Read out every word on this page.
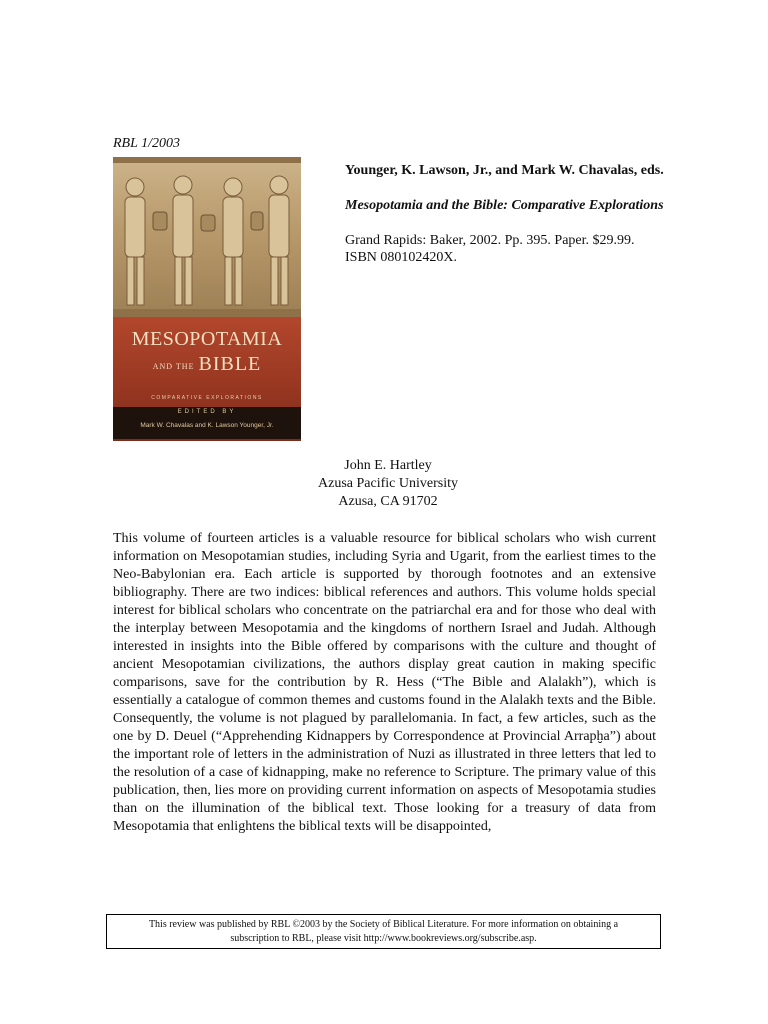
RBL 1/2003
MESOPOTAMIA
AND THE BIBLE
COMPARATIVE EXPLORATIONS
EDITED BY
Mark W. Chavalas and K. Lawson Younger, Jr.
Younger, K. Lawson, Jr., and Mark W. Chavalas, eds.
Mesopotamia and the Bible: Comparative Explorations
Grand Rapids: Baker, 2002. Pp. 395. Paper. $29.99.
ISBN 080102420X.
John E. Hartley
Azusa Pacific University
Azusa, CA 91702

This volume of fourteen articles is a valuable resource for biblical scholars who wish current information on Mesopotamian studies, including Syria and Ugarit, from the earliest times to the Neo-Babylonian era. Each article is supported by thorough footnotes and an extensive bibliography. There are two indices: biblical references and authors. This volume holds special interest for biblical scholars who concentrate on the patriarchal era and for those who deal with the interplay between Mesopotamia and the kingdoms of northern Israel and Judah. Although interested in insights into the Bible offered by comparisons with the culture and thought of ancient Mesopotamian civilizations, the authors display great caution in making specific comparisons, save for the contribution by R. Hess (“The Bible and Alalakh”), which is essentially a catalogue of common themes and customs found in the Alalakh texts and the Bible. Consequently, the volume is not plagued by parallelomania. In fact, a few articles, such as the one by D. Deuel (“Apprehending Kidnappers by Correspondence at Provincial Arrapḫa”) about the important role of letters in the administration of Nuzi as illustrated in three letters that led to the resolution of a case of kidnapping, make no reference to Scripture. The primary value of this publication, then, lies more on providing current information on aspects of Mesopotamia studies than on the illumination of the biblical text. Those looking for a treasury of data from Mesopotamia that enlightens the biblical texts will be disappointed,

This review was published by RBL ©2003 by the Society of Biblical Literature. For more information on obtaining a
subscription to RBL, please visit http://www.bookreviews.org/subscribe.asp.
